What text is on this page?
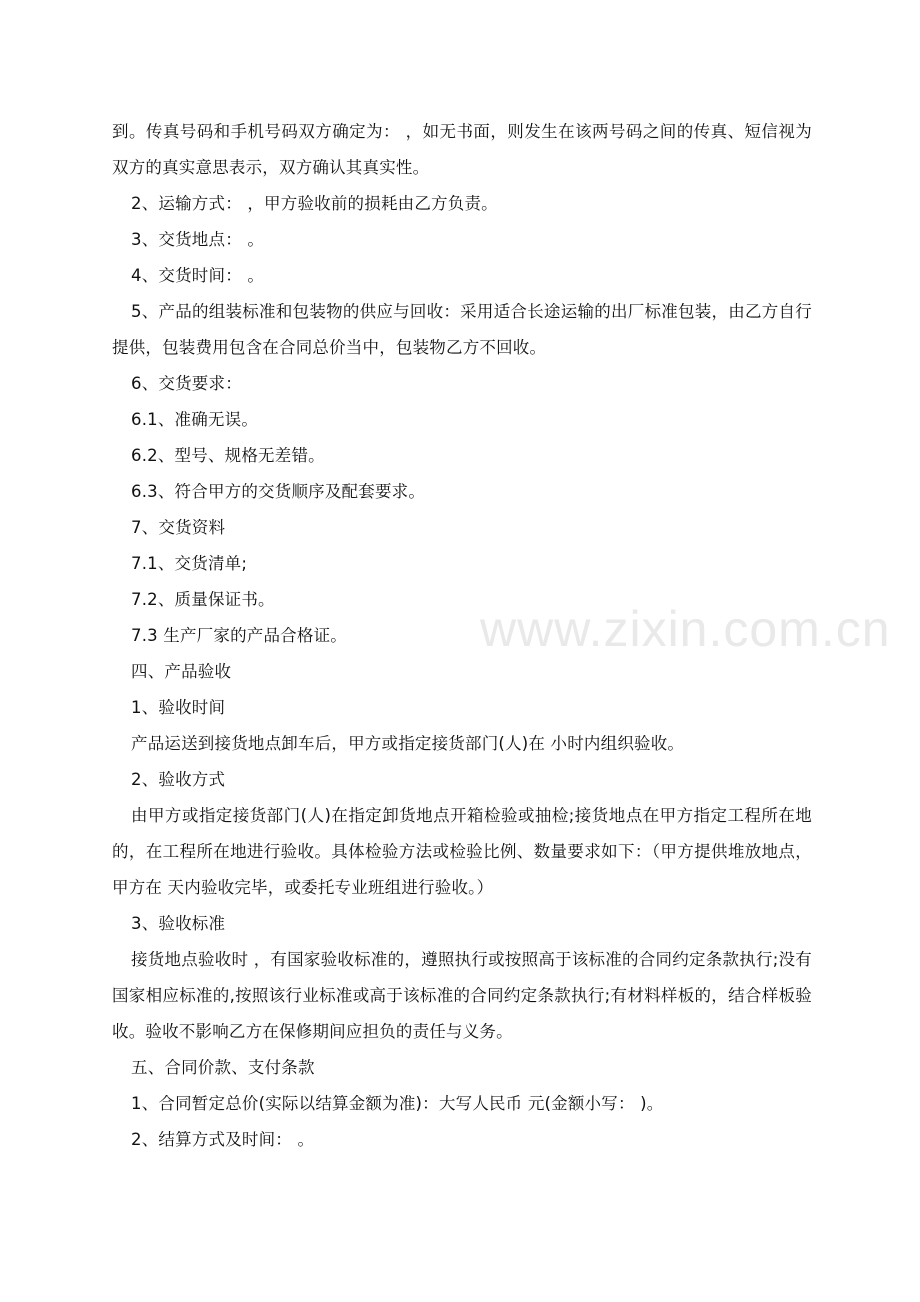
到。传真号码和手机号码双方确定为： ，如无书面，则发生在该两号码之间的传真、短信视为双方的真实意思表示，双方确认其真实性。

2、运输方式： ，甲方验收前的损耗由乙方负责。

3、交货地点： 。

4、交货时间： 。

5、产品的组装标准和包装物的供应与回收：采用适合长途运输的出厂标准包装，由乙方自行提供，包装费用包含在合同总价当中，包装物乙方不回收。

6、交货要求：

6.1、准确无误。

6.2、型号、规格无差错。

6.3、符合甲方的交货顺序及配套要求。

7、交货资料

7.1、交货清单;

7.2、质量保证书。

7.3 生产厂家的产品合格证。

四、产品验收

1、验收时间

产品运送到接货地点卸车后，甲方或指定接货部门(人)在 小时内组织验收。

2、验收方式

由甲方或指定接货部门(人)在指定卸货地点开箱检验或抽检;接货地点在甲方指定工程所在地的，在工程所在地进行验收。具体检验方法或检验比例、数量要求如下：（甲方提供堆放地点， 甲方在 天内验收完毕，或委托专业班组进行验收。）

3、验收标准

接货地点验收时 ，有国家验收标准的，遵照执行或按照高于该标准的合同约定条款执行;没有国家相应标准的,按照该行业标准或高于该标准的合同约定条款执行;有材料样板的，结合样板验收。验收不影响乙方在保修期间应担负的责任与义务。

五、合同价款、支付条款

1、合同暂定总价(实际以结算金额为准)：大写人民币 元(金额小写： )。

2、结算方式及时间： 。

www.zixin.com.cn
